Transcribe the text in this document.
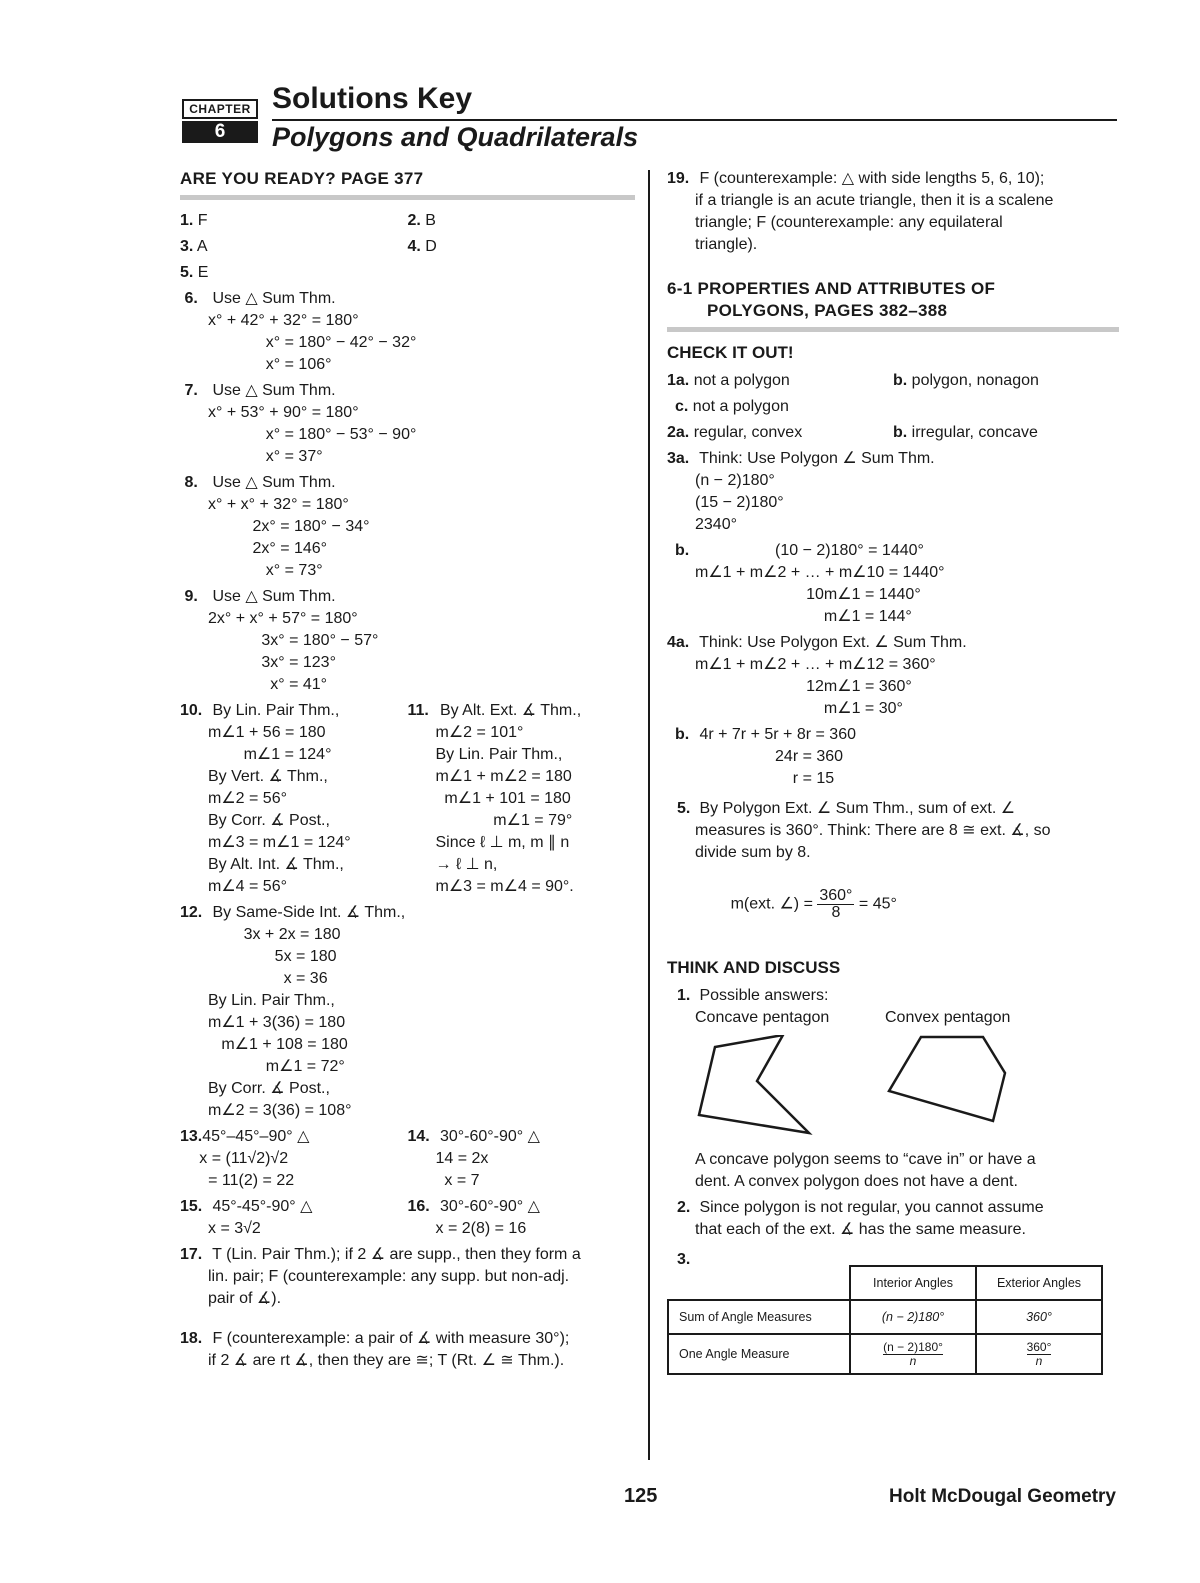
CHAPTER
6
Solutions Key
Polygons and Quadrilaterals
ARE YOU READY? PAGE 377
1. F	2. B
3. A	4. D
5. E
6. Use △ Sum Thm.
x° + 42° + 32° = 180°
x° = 180° − 42° − 32°
x° = 106°
7. Use △ Sum Thm.
x° + 53° + 90° = 180°
x° = 180° − 53° − 90°
x° = 37°
8. Use △ Sum Thm.
x° + x° + 32° = 180°
2x° = 180° − 34°
2x° = 146°
x° = 73°
9. Use △ Sum Thm.
2x° + x° + 57° = 180°
3x° = 180° − 57°
3x° = 123°
x° = 41°
10. By Lin. Pair Thm.,
m∠1 + 56 = 180
m∠1 = 124°
By Vert. ∡ Thm.,
m∠2 = 56°
By Corr. ∡ Post.,
m∠3 = m∠1 = 124°
By Alt. Int. ∡ Thm.,
m∠4 = 56°
11. By Alt. Ext. ∡ Thm.,
m∠2 = 101°
By Lin. Pair Thm.,
m∠1 + m∠2 = 180
m∠1 + 101 = 180
m∠1 = 79°
Since ℓ ⊥ m, m ∥ n
→ ℓ ⊥ n,
m∠3 = m∠4 = 90°.
12. By Same-Side Int. ∡ Thm.,
3x + 2x = 180
5x = 180
x = 36
By Lin. Pair Thm.,
m∠1 + 3(36) = 180
m∠1 + 108 = 180
m∠1 = 72°
By Corr. ∡ Post.,
m∠2 = 3(36) = 108°
13. 45°–45°–90° △
x = (11√2)√2
= 11(2) = 22
14. 30°-60°-90° △
14 = 2x
x = 7
15. 45°-45°-90° △
x = 3√2
16. 30°-60°-90° △
x = 2(8) = 16
17. T (Lin. Pair Thm.); if 2 ∡ are supp., then they form a
lin. pair; F (counterexample: any supp. but non-adj.
pair of ∡).
18. F (counterexample: a pair of ∡ with measure 30°);
if 2 ∡ are rt ∡, then they are ≅; T (Rt. ∠ ≅ Thm.).
19. F (counterexample: △ with side lengths 5, 6, 10);
if a triangle is an acute triangle, then it is a scalene
triangle; F (counterexample: any equilateral
triangle).
6-1 PROPERTIES AND ATTRIBUTES OF
POLYGONS, PAGES 382–388
CHECK IT OUT!
1a. not a polygon	b. polygon, nonagon
c. not a polygon
2a. regular, convex	b. irregular, concave
3a. Think: Use Polygon ∠ Sum Thm.
(n − 2)180°
(15 − 2)180°
2340°
b. (10 − 2)180° = 1440°
m∠1 + m∠2 + … + m∠10 = 1440°
10m∠1 = 1440°
m∠1 = 144°
4a. Think: Use Polygon Ext. ∠ Sum Thm.
m∠1 + m∠2 + … + m∠12 = 360°
12m∠1 = 360°
m∠1 = 30°
b. 4r + 7r + 5r + 8r = 360
24r = 360
r = 15
5. By Polygon Ext. ∠ Sum Thm., sum of ext. ∠
measures is 360°. Think: There are 8 ≅ ext. ∡, so
divide sum by 8.

m(ext. ∠) = $\frac{360^\circ}{8} = 45^\circ$

THINK AND DISCUSS
1. Possible answers:
Concave pentagon	Convex pentagon
A concave polygon seems to “cave in” or have a
dent. A convex polygon does not have a dent.
2. Since polygon is not regular, you cannot assume
that each of the ext. ∡ has the same measure.
3.
	Interior Angles	Exterior Angles
Sum of Angle Measures	(n − 2)180°	360°
One Angle Measure	$\frac{(n - 2)180^\circ}{n}$	$\frac{360^\circ}{n}$
125	Holt McDougal Geometry
